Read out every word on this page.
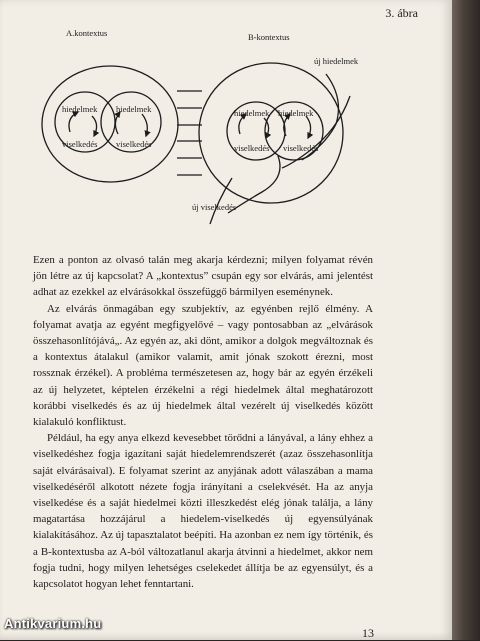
3. ábra
A.kontextus	B-kontextus
új hiedelmek
hiedelmek hiedelmek
viselkedés viselkedés
hiedelmek hiedelmek
viselkedés viselkedés
új viselkedés

Ezen a ponton az olvasó talán meg akarja kérdezni; milyen folyamat révén jön létre az új kapcsolat? A „kontextus” csupán egy sor elvárás, ami jelentést adhat az ezekkel az elvárásokkal összefüggő bármilyen eseménynek.

Az elvárás önmagában egy szubjektív, az egyénben rejlő élmény. A folyamat avatja az egyént megfigyelővé – vagy pontosabban az „elvárások összehasonlítójává„. Az egyén az, aki dönt, amikor a dolgok megváltoznak és a kontextus átalakul (amikor valamit, amit jónak szokott érezni, most rossznak érzékel). A probléma természetesen az, hogy bár az egyén érzékeli az új helyzetet, képtelen érzékelni a régi hiedelmek által meghatározott korábbi viselkedés és az új hiedelmek által vezérelt új viselkedés között kialakuló konfliktust.

Például, ha egy anya elkezd kevesebbet törődni a lányával, a lány ehhez a viselkedéshez fogja igazítani saját hiedelemrendszerét (azaz összehasonlítja saját elvárásaival). E folyamat szerint az anyjának adott válaszában a mama viselkedéséről alkotott nézete fogja irányítani a cselekvését. Ha az anyja viselkedése és a saját hiedelmei közti illeszkedést elég jónak találja, a lány magatartása hozzájárul a hiedelem-viselkedés új egyensúlyának kialakításához. Az új tapasztalatot beépíti. Ha azonban ez nem így történik, és a B-kontextusba az A-ból változatlanul akarja átvinni a hiedelmet, akkor nem fogja tudni, hogy milyen lehetséges cselekedet állítja be az egyensúlyt, és a kapcsolatot hogyan lehet fenntartani.

13
Antikvarium.hu
